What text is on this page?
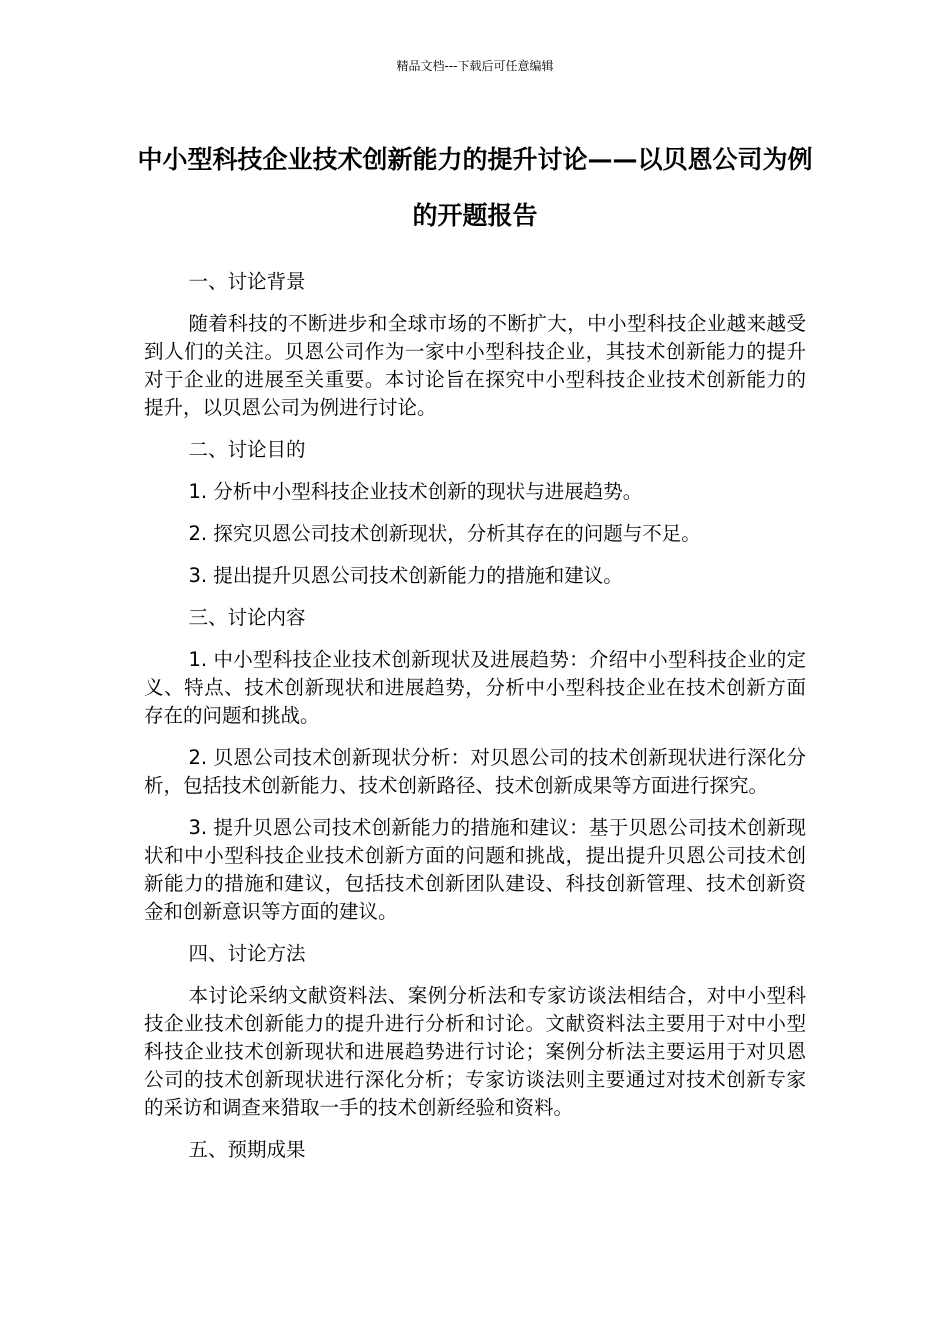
精品文档---下载后可任意编辑
中小型科技企业技术创新能力的提升讨论——以贝恩公司为例的开题报告

一、讨论背景

随着科技的不断进步和全球市场的不断扩大，中小型科技企业越来越受到人们的关注。贝恩公司作为一家中小型科技企业，其技术创新能力的提升对于企业的进展至关重要。本讨论旨在探究中小型科技企业技术创新能力的提升，以贝恩公司为例进行讨论。

二、讨论目的

1. 分析中小型科技企业技术创新的现状与进展趋势。

2. 探究贝恩公司技术创新现状，分析其存在的问题与不足。

3. 提出提升贝恩公司技术创新能力的措施和建议。

三、讨论内容

1. 中小型科技企业技术创新现状及进展趋势：介绍中小型科技企业的定义、特点、技术创新现状和进展趋势，分析中小型科技企业在技术创新方面存在的问题和挑战。

2. 贝恩公司技术创新现状分析：对贝恩公司的技术创新现状进行深化分析，包括技术创新能力、技术创新路径、技术创新成果等方面进行探究。

3. 提升贝恩公司技术创新能力的措施和建议：基于贝恩公司技术创新现状和中小型科技企业技术创新方面的问题和挑战，提出提升贝恩公司技术创新能力的措施和建议，包括技术创新团队建设、科技创新管理、技术创新资金和创新意识等方面的建议。

四、讨论方法

本讨论采纳文献资料法、案例分析法和专家访谈法相结合，对中小型科技企业技术创新能力的提升进行分析和讨论。文献资料法主要用于对中小型科技企业技术创新现状和进展趋势进行讨论；案例分析法主要运用于对贝恩公司的技术创新现状进行深化分析；专家访谈法则主要通过对技术创新专家的采访和调查来猎取一手的技术创新经验和资料。

五、预期成果
